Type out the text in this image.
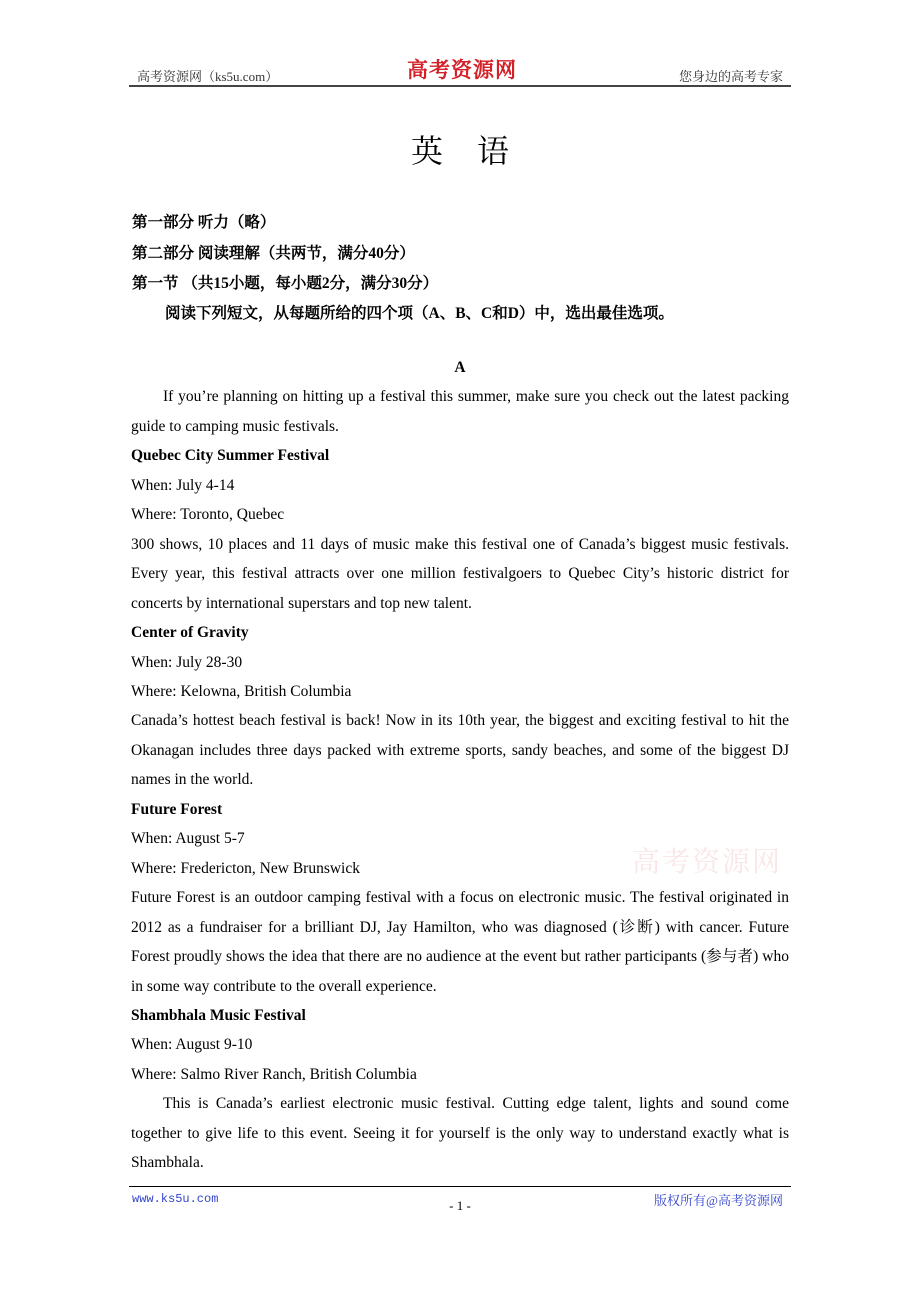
高考资源网（ks5u.com）	高考资源网	您身边的高考专家
英语
第一部分 听力（略）
第二部分 阅读理解（共两节，满分40分）
第一节 （共15小题，每小题2分，满分30分）
阅读下列短文，从每题所给的四个项（A、B、C和D）中，选出最佳选项。

A

If you’re planning on hitting up a festival this summer, make sure you check out the latest packing guide to camping music festivals.

Quebec City Summer Festival

When: July 4-14

Where: Toronto, Quebec

300 shows, 10 places and 11 days of music make this festival one of Canada’s biggest music festivals. Every year, this festival attracts over one million festivalgoers to Quebec City’s historic district for concerts by international superstars and top new talent.

Center of Gravity

When: July 28-30

Where: Kelowna, British Columbia

Canada’s hottest beach festival is back! Now in its 10th year, the biggest and exciting festival to hit the Okanagan includes three days packed with extreme sports, sandy beaches, and some of the biggest DJ names in the world.

Future Forest

When: August 5-7

Where: Fredericton, New Brunswick

Future Forest is an outdoor camping festival with a focus on electronic music. The festival originated in 2012 as a fundraiser for a brilliant DJ, Jay Hamilton, who was diagnosed (诊断) with cancer. Future Forest proudly shows the idea that there are no audience at the event but rather participants (参与者) who in some way contribute to the overall experience.

Shambhala Music Festival

When: August 9-10

Where: Salmo River Ranch, British Columbia

This is Canada’s earliest electronic music festival. Cutting edge talent, lights and sound come together to give life to this event. Seeing it for yourself is the only way to understand exactly what is Shambhala.

高考资源网
www.ks5u.com	- 1 -	版权所有@高考资源网
